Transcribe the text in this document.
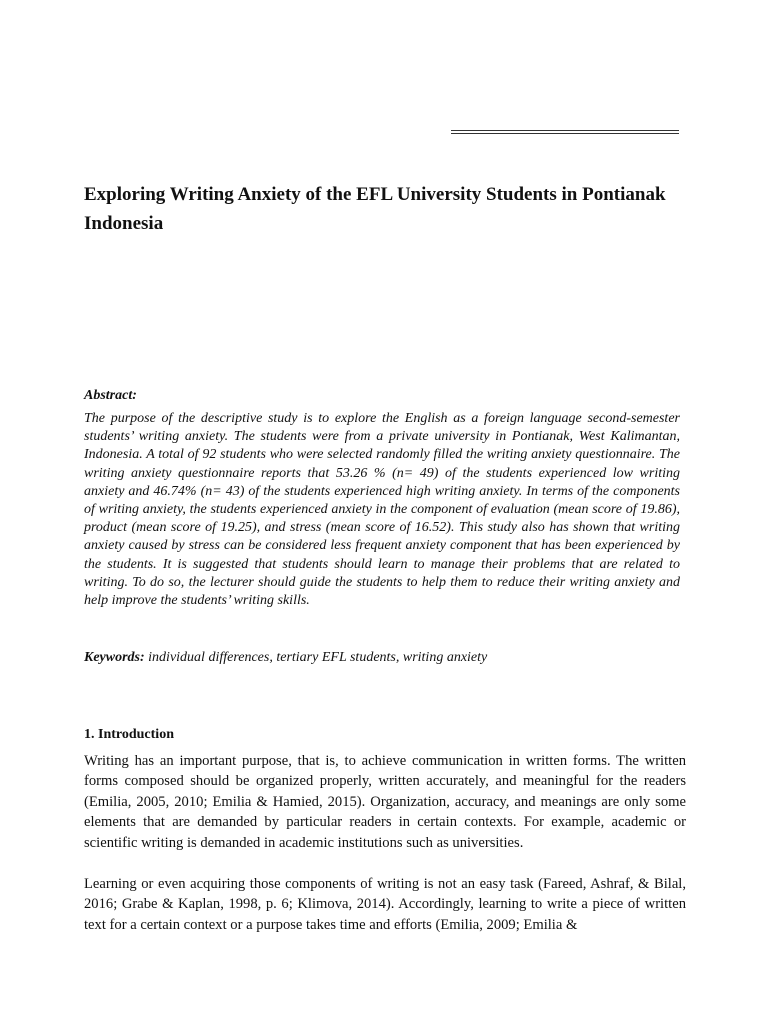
Exploring Writing Anxiety of the EFL University Students in Pontianak Indonesia

Abstract:

The purpose of the descriptive study is to explore the English as a foreign language second-semester students’ writing anxiety. The students were from a private university in Pontianak, West Kalimantan, Indonesia. A total of 92 students who were selected randomly filled the writing anxiety questionnaire. The writing anxiety questionnaire reports that 53.26 % (n= 49) of the students experienced low writing anxiety and 46.74% (n= 43) of the students experienced high writing anxiety. In terms of the components of writing anxiety, the students experienced anxiety in the component of evaluation (mean score of 19.86), product (mean score of 19.25), and stress (mean score of 16.52). This study also has shown that writing anxiety caused by stress can be considered less frequent anxiety component that has been experienced by the students. It is suggested that students should learn to manage their problems that are related to writing. To do so, the lecturer should guide the students to help them to reduce their writing anxiety and help improve the students’ writing skills.

Keywords: individual differences, tertiary EFL students, writing anxiety

1. Introduction

Writing has an important purpose, that is, to achieve communication in written forms. The written forms composed should be organized properly, written accurately, and meaningful for the readers (Emilia, 2005, 2010; Emilia & Hamied, 2015). Organization, accuracy, and meanings are only some elements that are demanded by particular readers in certain contexts. For example, academic or scientific writing is demanded in academic institutions such as universities.

Learning or even acquiring those components of writing is not an easy task (Fareed, Ashraf, & Bilal, 2016; Grabe & Kaplan, 1998, p. 6; Klimova, 2014). Accordingly, learning to write a piece of written text for a certain context or a purpose takes time and efforts (Emilia, 2009; Emilia &
